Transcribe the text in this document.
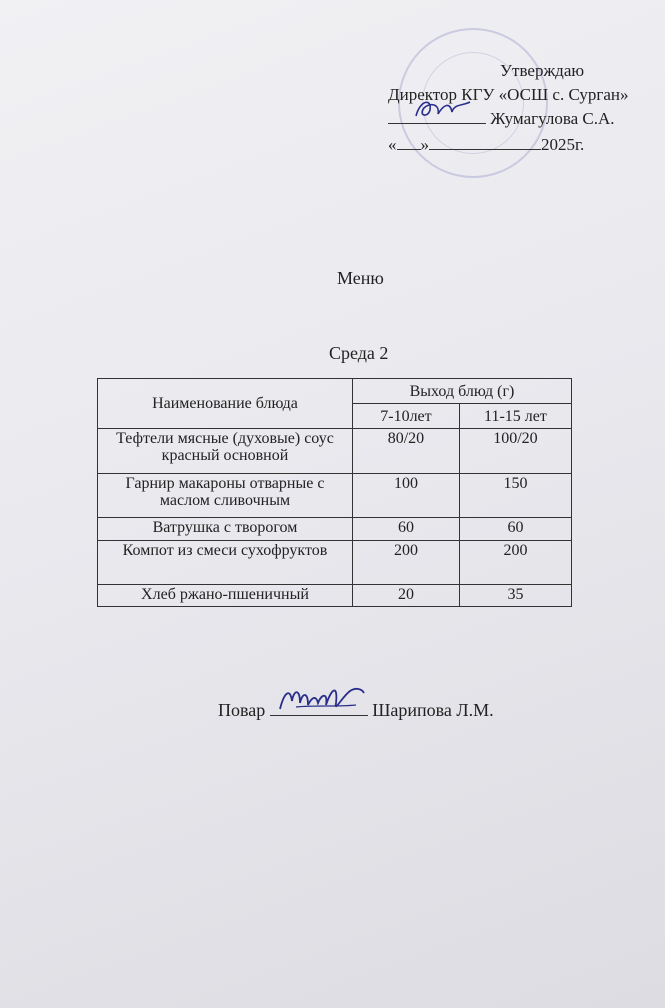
Утверждаю
Директор КГУ «ОСШ с. Сурган»
Жумагулова С.А.
« »	2025г.
Меню
Среда 2
Наименование блюда	Выход блюд (г)	
	7-10лет	11-15 лет
Тефтели мясные (духовые) соус красный основной	80/20	100/20
Гарнир макароны отварные с маслом сливочным	100	150
Ватрушка с творогом	60	60
Компот из смеси сухофруктов	200	200
Хлеб ржано-пшеничный	20	35
Повар	Шарипова Л.М.
